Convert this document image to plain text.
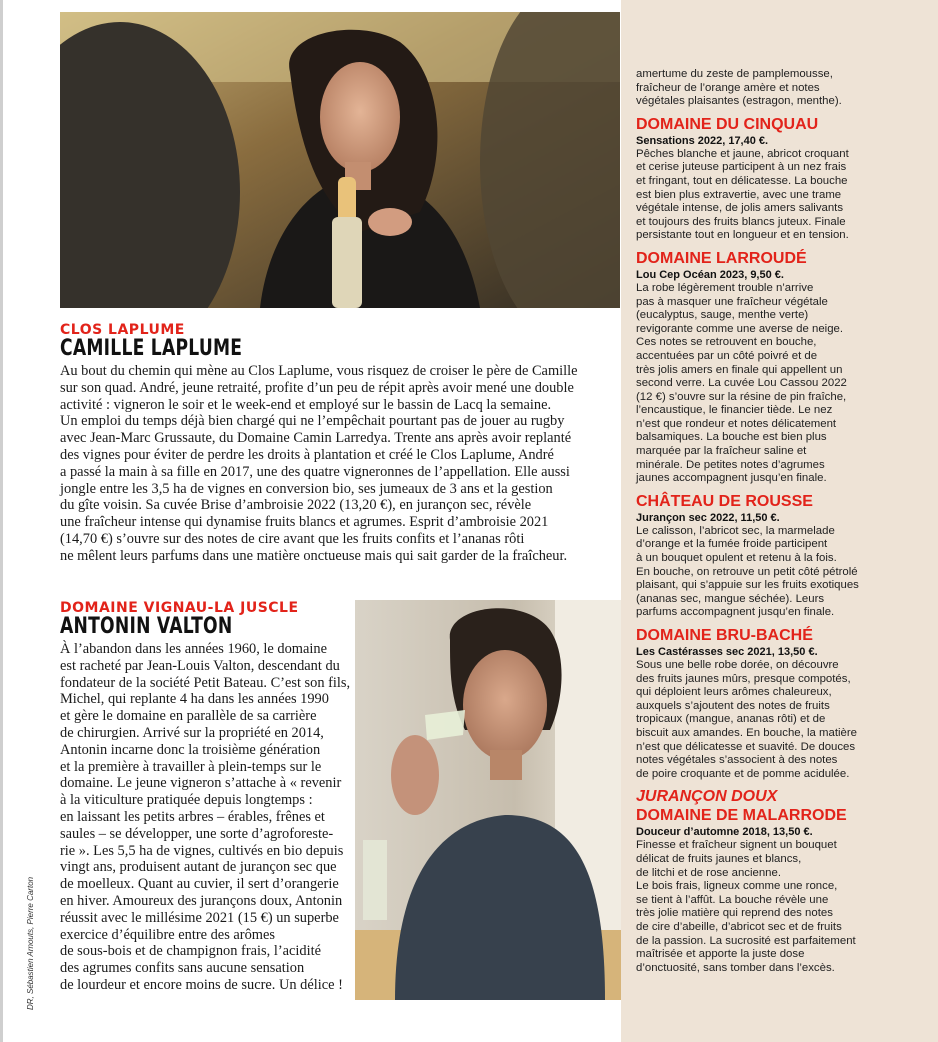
CLOS LAPLUME
CAMILLE LAPLUME

Au bout du chemin qui mène au Clos Laplume, vous risquez de croiser le père de Camille

sur son quad. André, jeune retraité, profite d’un peu de répit après avoir mené une double

activité : vigneron le soir et le week-end et employé sur le bassin de Lacq la semaine.

Un emploi du temps déjà bien chargé qui ne l’empêchait pourtant pas de jouer au rugby

avec Jean-Marc Grussaute, du Domaine Camin Larredya. Trente ans après avoir replanté

des vignes pour éviter de perdre les droits à plantation et créé le Clos Laplume, André

a passé la main à sa fille en 2017, une des quatre vigneronnes de l’appellation. Elle aussi

jongle entre les 3,5 ha de vignes en conversion bio, ses jumeaux de 3 ans et la gestion

du gîte voisin. Sa cuvée Brise d’ambroisie 2022 (13,20 €), en jurançon sec, révèle

une fraîcheur intense qui dynamise fruits blancs et agrumes. Esprit d’ambroisie 2021

(14,70 €) s’ouvre sur des notes de cire avant que les fruits confits et l’ananas rôti

ne mêlent leurs parfums dans une matière onctueuse mais qui sait garder de la fraîcheur.

DOMAINE VIGNAU-LA JUSCLE
ANTONIN VALTON

À l’abandon dans les années 1960, le domaine

est racheté par Jean-Louis Valton, descendant du

fondateur de la société Petit Bateau. C’est son fils,

Michel, qui replante 4 ha dans les années 1990

et gère le domaine en parallèle de sa carrière

de chirurgien. Arrivé sur la propriété en 2014,

Antonin incarne donc la troisième génération

et la première à travailler à plein-temps sur le

domaine. Le jeune vigneron s’attache à « revenir

à la viticulture pratiquée depuis longtemps :

en laissant les petits arbres – érables, frênes et

saules – se développer, une sorte d’agroforeste-

rie ». Les 5,5 ha de vignes, cultivés en bio depuis

vingt ans, produisent autant de jurançon sec que

de moelleux. Quant au cuvier, il sert d’orangerie

en hiver. Amoureux des jurançons doux, Antonin

réussit avec le millésime 2021 (15 €) un superbe

exercice d’équilibre entre des arômes

de sous-bois et de champignon frais, l’acidité

des agrumes confits sans aucune sensation

de lourdeur et encore moins de sucre. Un délice !

DR, Sébastien Arnouts, Pierre Carton

amertume du zeste de pamplemousse,

fraîcheur de l’orange amère et notes

végétales plaisantes (estragon, menthe).

DOMAINE DU CINQUAU

Sensations 2022, 17,40 €.

Pêches blanche et jaune, abricot croquant

et cerise juteuse participent à un nez frais

et fringant, tout en délicatesse. La bouche

est bien plus extravertie, avec une trame

végétale intense, de jolis amers salivants

et toujours des fruits blancs juteux. Finale

persistante tout en longueur et en tension.

DOMAINE LARROUDÉ

Lou Cep Océan 2023, 9,50 €.

La robe légèrement trouble n’arrive

pas à masquer une fraîcheur végétale

(eucalyptus, sauge, menthe verte)

revigorante comme une averse de neige.

Ces notes se retrouvent en bouche,

accentuées par un côté poivré et de

très jolis amers en finale qui appellent un

second verre. La cuvée Lou Cassou 2022

(12 €) s’ouvre sur la résine de pin fraîche,

l’encaustique, le financier tiède. Le nez

n’est que rondeur et notes délicatement

balsamiques. La bouche est bien plus

marquée par la fraîcheur saline et

minérale. De petites notes d’agrumes

jaunes accompagnent jusqu’en finale.

CHÂTEAU DE ROUSSE

Jurançon sec 2022, 11,50 €.

Le calisson, l’abricot sec, la marmelade

d’orange et la fumée froide participent

à un bouquet opulent et retenu à la fois.

En bouche, on retrouve un petit côté pétrolé

plaisant, qui s’appuie sur les fruits exotiques

(ananas sec, mangue séchée). Leurs

parfums accompagnent jusqu’en finale.

DOMAINE BRU-BACHÉ

Les Castérasses sec 2021, 13,50 €.

Sous une belle robe dorée, on découvre

des fruits jaunes mûrs, presque compotés,

qui déploient leurs arômes chaleureux,

auxquels s’ajoutent des notes de fruits

tropicaux (mangue, ananas rôti) et de

biscuit aux amandes. En bouche, la matière

n’est que délicatesse et suavité. De douces

notes végétales s’associent à des notes

de poire croquante et de pomme acidulée.

JURANÇON DOUX

DOMAINE DE MALARRODE

Douceur d’automne 2018, 13,50 €.

Finesse et fraîcheur signent un bouquet

délicat de fruits jaunes et blancs,

de litchi et de rose ancienne.

Le bois frais, ligneux comme une ronce,

se tient à l’affût. La bouche révèle une

très jolie matière qui reprend des notes

de cire d’abeille, d’abricot sec et de fruits

de la passion. La sucrosité est parfaitement

maîtrisée et apporte la juste dose

d’onctuosité, sans tomber dans l’excès.
